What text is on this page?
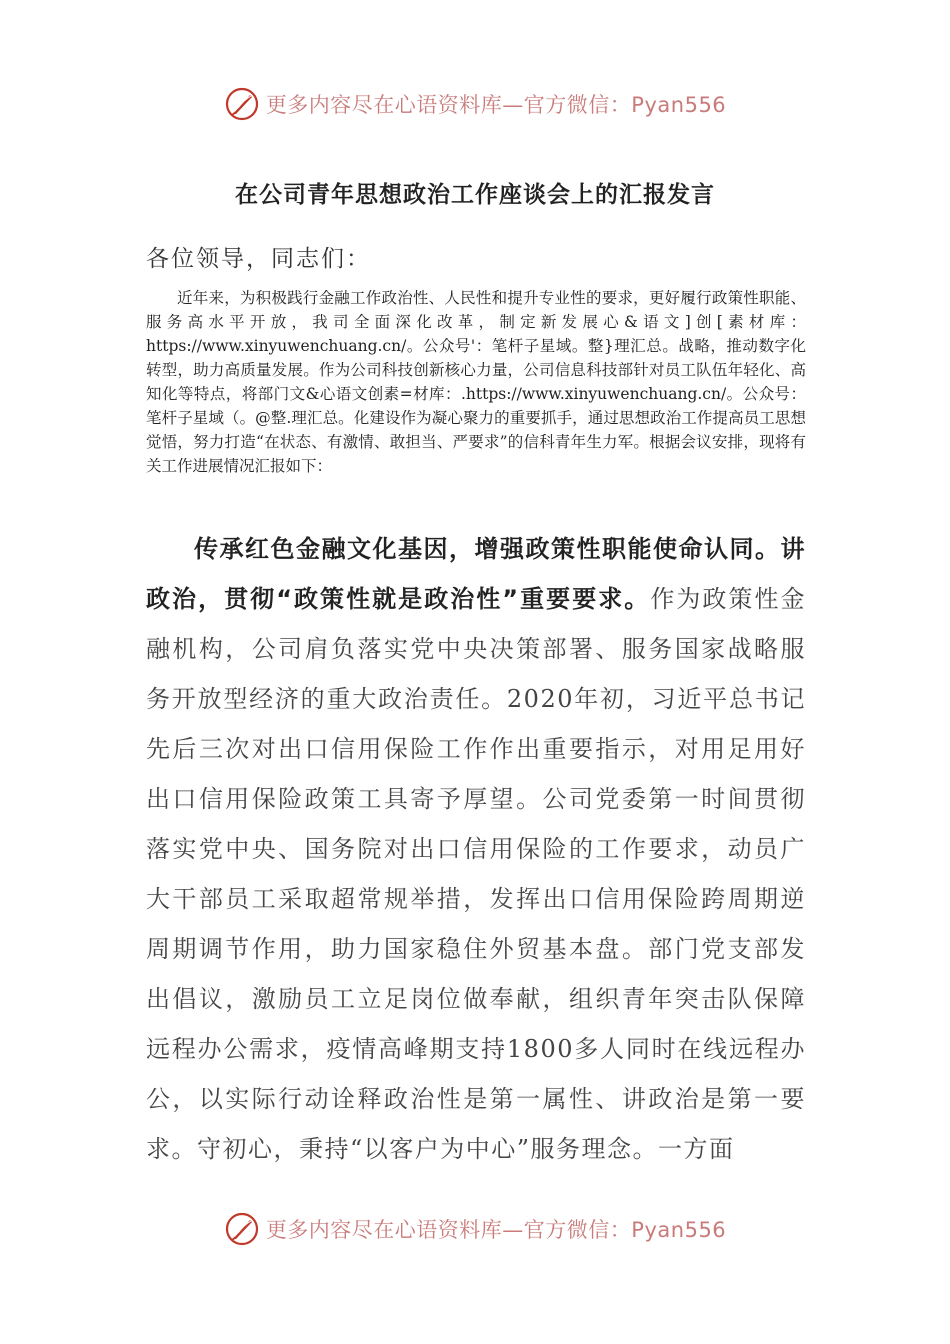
更多内容尽在心语资料库—官方微信：Pyan556
在公司青年思想政治工作座谈会上的汇报发言
各位领导，同志们：

近年来，为积极践行金融工作政治性、人民性和提升专业性的要求，更好履行政策性职能、服务高水平开放，我司全面深化改革，制定新发展心&语文]创[素材库：https://www.xinyuwenchuang.cn/。公众号'：笔杆子星域。整}理汇总。战略，推动数字化转型，助力高质量发展。作为公司科技创新核心力量，公司信息科技部针对员工队伍年轻化、高知化等特点，将部门文&心语文创素=材库：.https://www.xinyuwenchuang.cn/。公众号：笔杆子星域（。@整.理汇总。化建设作为凝心聚力的重要抓手，通过思想政治工作提高员工思想觉悟，努力打造“在状态、有激情、敢担当、严要求”的信科青年生力军。根据会议安排，现将有关工作进展情况汇报如下：

传承红色金融文化基因，增强政策性职能使命认同。讲政治，贯彻“政策性就是政治性”重要要求。作为政策性金融机构，公司肩负落实党中央决策部署、服务国家战略服务开放型经济的重大政治责任。2020年初，习近平总书记先后三次对出口信用保险工作作出重要指示，对用足用好出口信用保险政策工具寄予厚望。公司党委第一时间贯彻落实党中央、国务院对出口信用保险的工作要求，动员广大干部员工采取超常规举措，发挥出口信用保险跨周期逆周期调节作用，助力国家稳住外贸基本盘。部门党支部发出倡议，激励员工立足岗位做奉献，组织青年突击队保障远程办公需求，疫情高峰期支持1800多人同时在线远程办公，以实际行动诠释政治性是第一属性、讲政治是第一要求。守初心，秉持“以客户为中心”服务理念。一方面

更多内容尽在心语资料库—官方微信：Pyan556
